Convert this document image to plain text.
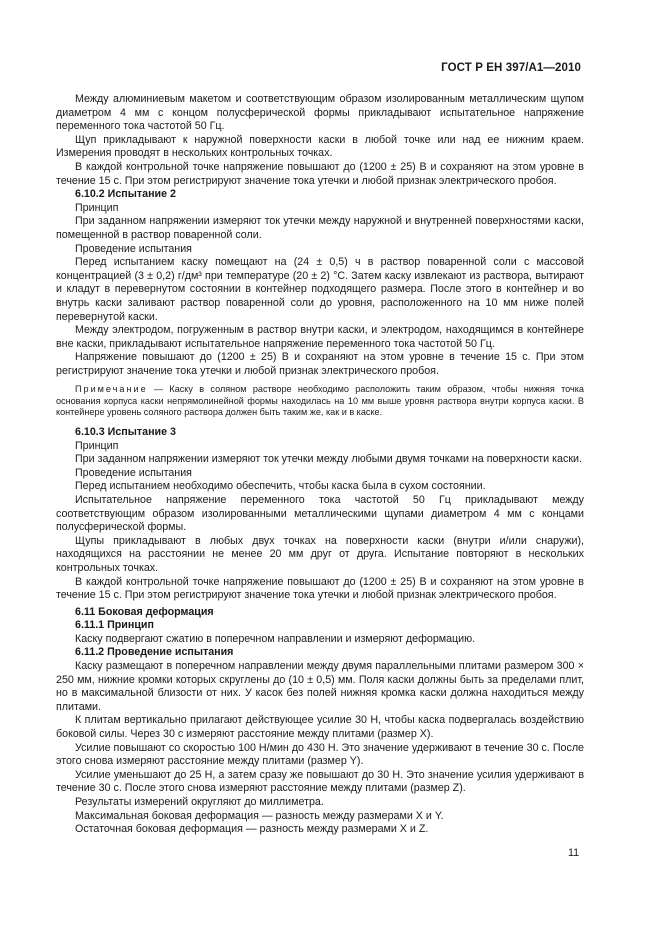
ГОСТ Р ЕН 397/А1—2010

Между алюминиевым макетом и соответствующим образом изолированным металлическим щупом диаметром 4 мм с концом полусферической формы прикладывают испытательное напряжение переменного тока частотой 50 Гц.

Щуп прикладывают к наружной поверхности каски в любой точке или над ее нижним краем. Измерения проводят в нескольких контрольных точках.

В каждой контрольной точке напряжение повышают до (1200 ± 25) В и сохраняют на этом уровне в течение 15 с. При этом регистрируют значение тока утечки и любой признак электрического пробоя.

6.10.2 Испытание 2

Принцип

При заданном напряжении измеряют ток утечки между наружной и внутренней поверхностями каски, помещенной в раствор поваренной соли.

Проведение испытания

Перед испытанием каску помещают на (24 ± 0,5) ч в раствор поваренной соли с массовой концентрацией (3 ± 0,2) г/дм³ при температуре (20 ± 2) °С. Затем каску извлекают из раствора, вытирают и кладут в перевернутом состоянии в контейнер подходящего размера. После этого в контейнер и во внутрь каски заливают раствор поваренной соли до уровня, расположенного на 10 мм ниже полей перевернутой каски.

Между электродом, погруженным в раствор внутри каски, и электродом, находящимся в контейнере вне каски, прикладывают испытательное напряжение переменного тока частотой 50 Гц.

Напряжение повышают до (1200 ± 25) В и сохраняют на этом уровне в течение 15 с. При этом регистрируют значение тока утечки и любой признак электрического пробоя.

Примечание — Каску в соляном растворе необходимо расположить таким образом, чтобы нижняя точка основания корпуса каски непрямолинейной формы находилась на 10 мм выше уровня раствора внутри корпуса каски. В контейнере уровень соляного раствора должен быть таким же, как и в каске.

6.10.3 Испытание 3

Принцип

При заданном напряжении измеряют ток утечки между любыми двумя точками на поверхности каски.

Проведение испытания

Перед испытанием необходимо обеспечить, чтобы каска была в сухом состоянии.

Испытательное напряжение переменного тока частотой 50 Гц прикладывают между соответствующим образом изолированными металлическими щупами диаметром 4 мм с концами полусферической формы.

Щупы прикладывают в любых двух точках на поверхности каски (внутри и/или снаружи), находящихся на расстоянии не менее 20 мм друг от друга. Испытание повторяют в нескольких контрольных точках.

В каждой контрольной точке напряжение повышают до (1200 ± 25) В и сохраняют на этом уровне в течение 15 с. При этом регистрируют значение тока утечки и любой признак электрического пробоя.

6.11 Боковая деформация

6.11.1 Принцип

Каску подвергают сжатию в поперечном направлении и измеряют деформацию.

6.11.2 Проведение испытания

Каску размещают в поперечном направлении между двумя параллельными плитами размером 300 × 250 мм, нижние кромки которых скруглены до (10 ± 0,5) мм. Поля каски должны быть за пределами плит, но в максимальной близости от них. У касок без полей нижняя кромка каски должна находиться между плитами.

К плитам вертикально прилагают действующее усилие 30 Н, чтобы каска подвергалась воздействию боковой силы. Через 30 с измеряют расстояние между плитами (размер X).

Усилие повышают со скоростью 100 Н/мин до 430 Н. Это значение удерживают в течение 30 с. После этого снова измеряют расстояние между плитами (размер Y).

Усилие уменьшают до 25 Н, а затем сразу же повышают до 30 Н. Это значение усилия удерживают в течение 30 с. После этого снова измеряют расстояние между плитами (размер Z).

Результаты измерений округляют до миллиметра.

Максимальная боковая деформация — разность между размерами X и Y.

Остаточная боковая деформация — разность между размерами X и Z.

11
